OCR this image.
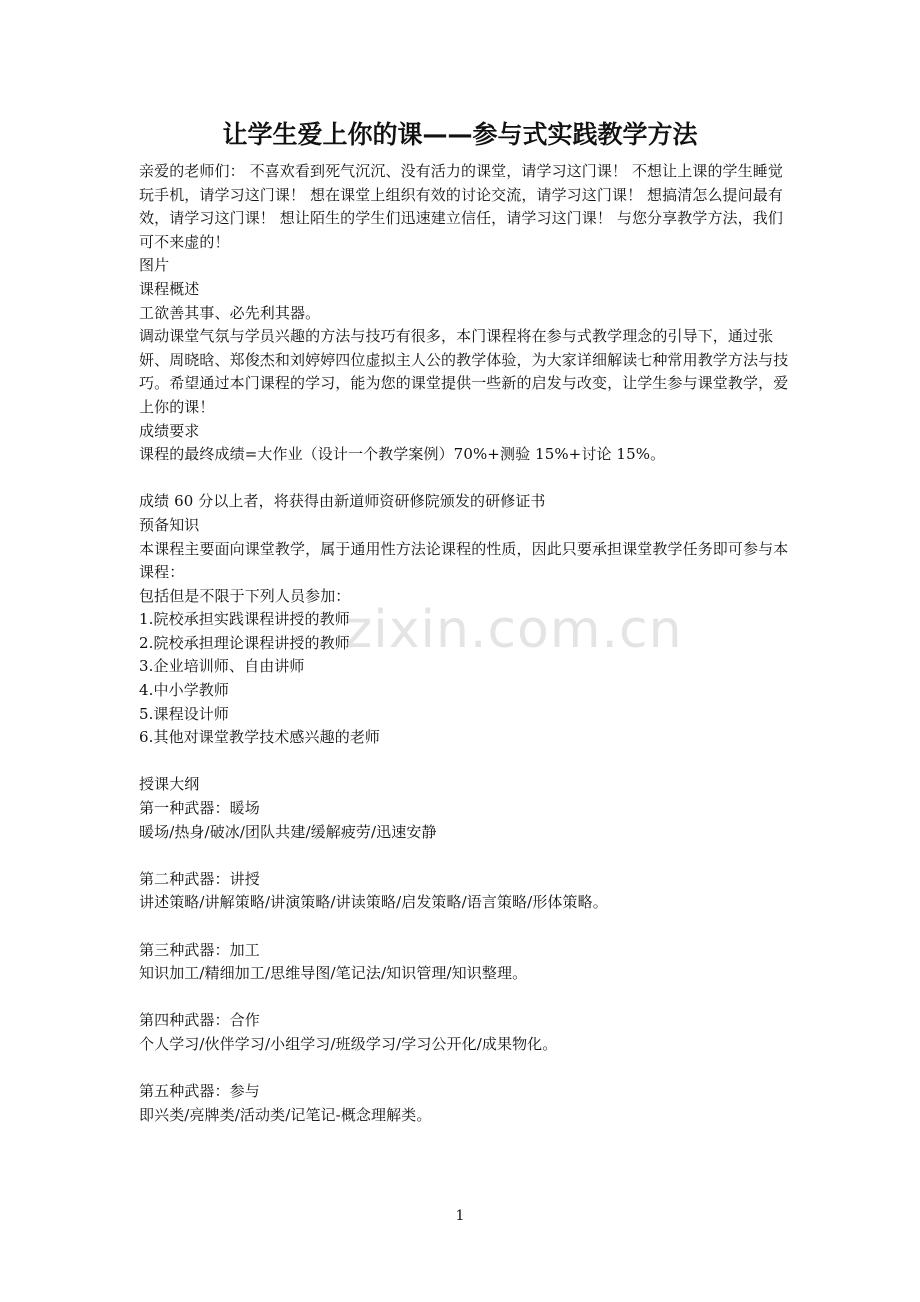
让学生爱上你的课——参与式实践教学方法

亲爱的老师们： 不喜欢看到死气沉沉、没有活力的课堂，请学习这门课！ 不想让上课的学生睡觉玩手机，请学习这门课！ 想在课堂上组织有效的讨论交流，请学习这门课！ 想搞清怎么提问最有效，请学习这门课！ 想让陌生的学生们迅速建立信任，请学习这门课！ 与您分享教学方法，我们可不来虚的！

图片

课程概述

工欲善其事、必先利其器。

调动课堂气氛与学员兴趣的方法与技巧有很多，本门课程将在参与式教学理念的引导下，通过张妍、周晓晗、郑俊杰和刘婷婷四位虚拟主人公的教学体验，为大家详细解读七种常用教学方法与技巧。希望通过本门课程的学习，能为您的课堂提供一些新的启发与改变，让学生参与课堂教学，爱上你的课！

成绩要求

课程的最终成绩=大作业（设计一个教学案例）70%+测验 15%+讨论 15%。

成绩 60 分以上者，将获得由新道师资研修院颁发的研修证书

预备知识

本课程主要面向课堂教学，属于通用性方法论课程的性质，因此只要承担课堂教学任务即可参与本课程：

包括但是不限于下列人员参加：

1.院校承担实践课程讲授的教师

2.院校承担理论课程讲授的教师

3.企业培训师、自由讲师

4.中小学教师

5.课程设计师

6.其他对课堂教学技术感兴趣的老师

授课大纲

第一种武器：暖场

暖场/热身/破冰/团队共建/缓解疲劳/迅速安静

第二种武器：讲授

讲述策略/讲解策略/讲演策略/讲读策略/启发策略/语言策略/形体策略。

第三种武器：加工

知识加工/精细加工/思维导图/笔记法/知识管理/知识整理。

第四种武器：合作

个人学习/伙伴学习/小组学习/班级学习/学习公开化/成果物化。

第五种武器：参与

即兴类/亮牌类/活动类/记笔记-概念理解类。

zixin.com.cn
1
